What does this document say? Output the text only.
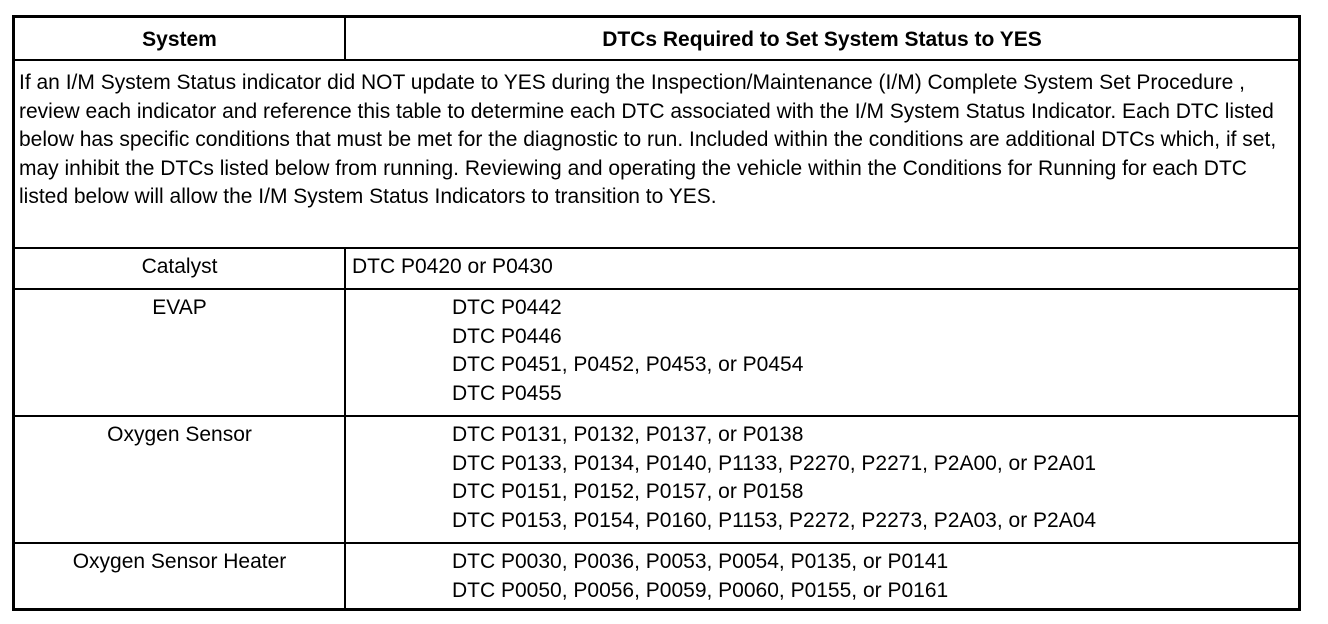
System	DTCs Required to Set System Status to YES
If an I/M System Status indicator did NOT update to YES during the Inspection/Maintenance (I/M) Complete System Set Procedure , review each indicator and reference this table to determine each DTC associated with the I/M System Status Indicator. Each DTC listed below has specific conditions that must be met for the diagnostic to run. Included within the conditions are additional DTCs which, if set, may inhibit the DTCs listed below from running. Reviewing and operating the vehicle within the Conditions for Running for each DTC listed below will allow the I/M System Status Indicators to transition to YES.
Catalyst	DTC P0420 or P0430
EVAP	DTC P0442
DTC P0446
DTC P0451, P0452, P0453, or P0454
DTC P0455
Oxygen Sensor	DTC P0131, P0132, P0137, or P0138
DTC P0133, P0134, P0140, P1133, P2270, P2271, P2A00, or P2A01
DTC P0151, P0152, P0157, or P0158
DTC P0153, P0154, P0160, P1153, P2272, P2273, P2A03, or P2A04
Oxygen Sensor Heater	DTC P0030, P0036, P0053, P0054, P0135, or P0141
DTC P0050, P0056, P0059, P0060, P0155, or P0161
